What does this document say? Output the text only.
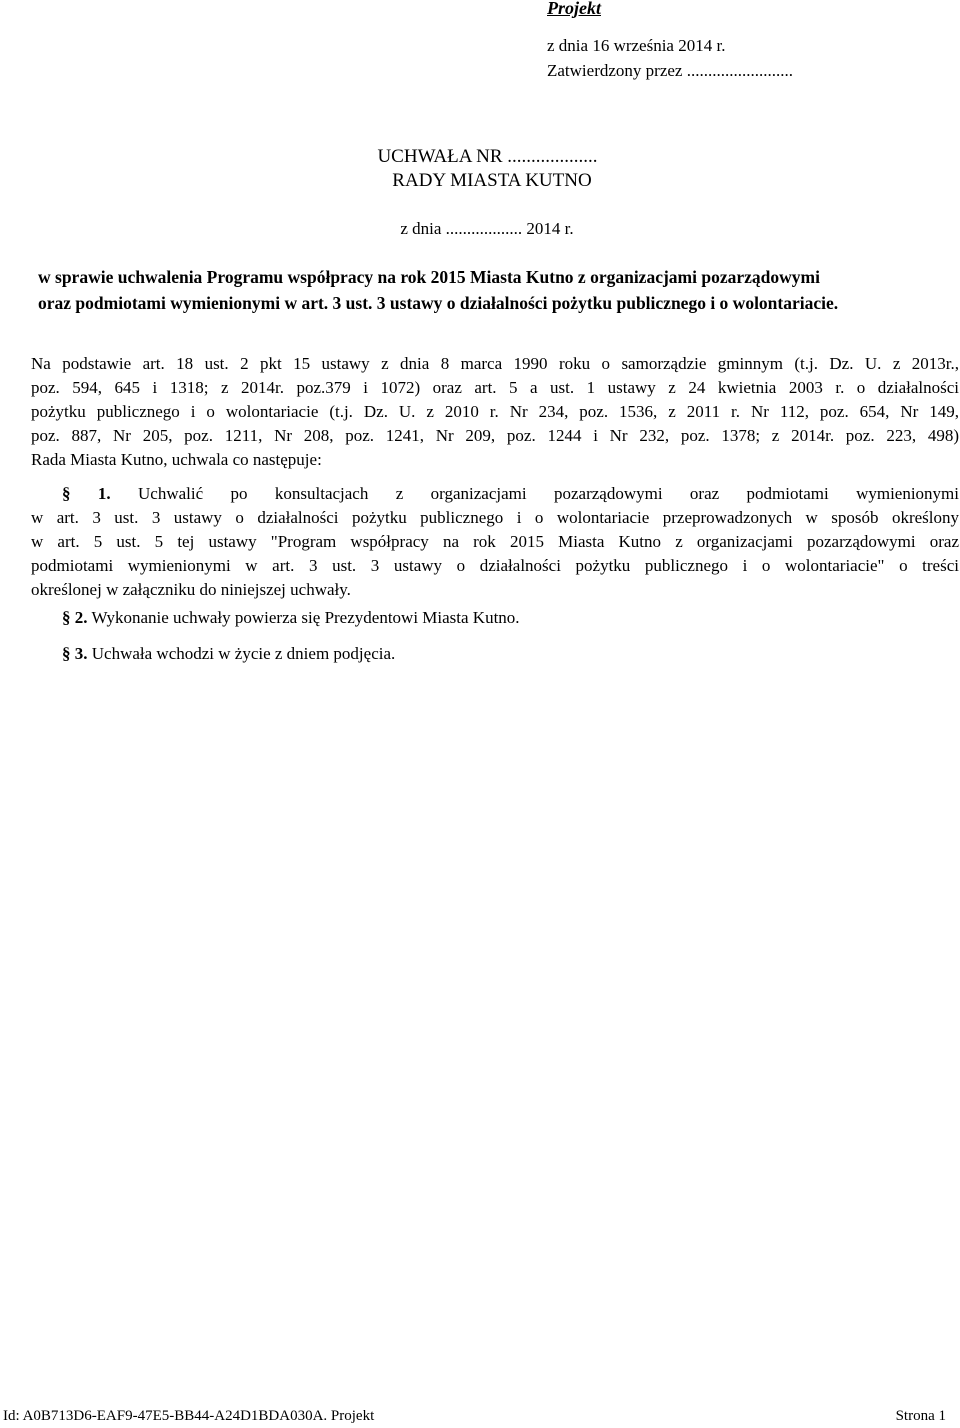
Projekt
z dnia 16 września 2014 r.
Zatwierdzony przez .........................
UCHWAŁA NR ...................
RADY MIASTA KUTNO
z dnia .................. 2014 r.
w sprawie uchwalenia Programu współpracy na rok 2015 Miasta Kutno z organizacjami pozarządowymi
oraz podmiotami wymienionymi w art. 3 ust. 3 ustawy o działalności pożytku publicznego i o wolontariacie.
Na podstawie art. 18 ust. 2 pkt 15 ustawy z dnia 8 marca 1990 roku o samorządzie gminnym (t.j. Dz. U. z 2013r.,
poz. 594, 645 i 1318; z 2014r. poz.379 i 1072) oraz art. 5 a ust. 1 ustawy z 24 kwietnia 2003 r. o działalności
pożytku publicznego i o wolontariacie (t.j. Dz. U. z 2010 r. Nr 234, poz. 1536, z 2011 r. Nr 112, poz. 654, Nr 149,
poz. 887, Nr 205, poz. 1211, Nr 208, poz. 1241, Nr 209, poz. 1244 i Nr 232, poz. 1378; z 2014r. poz. 223, 498)
Rada Miasta Kutno, uchwala co następuje:
§ 1. Uchwalić po konsultacjach z organizacjami pozarządowymi oraz podmiotami wymienionymi
w art. 3 ust. 3 ustawy o działalności pożytku publicznego i o wolontariacie przeprowadzonych w sposób określony
w art. 5 ust. 5 tej ustawy "Program współpracy na rok 2015 Miasta Kutno z organizacjami pozarządowymi oraz
podmiotami wymienionymi w art. 3 ust. 3 ustawy o działalności pożytku publicznego i o wolontariacie" o treści
określonej w załączniku do niniejszej uchwały.
§ 2. Wykonanie uchwały powierza się Prezydentowi Miasta Kutno.
§ 3. Uchwała wchodzi w życie z dniem podjęcia.
Id: A0B713D6-EAF9-47E5-BB44-A24D1BDA030A. Projekt	Strona 1
